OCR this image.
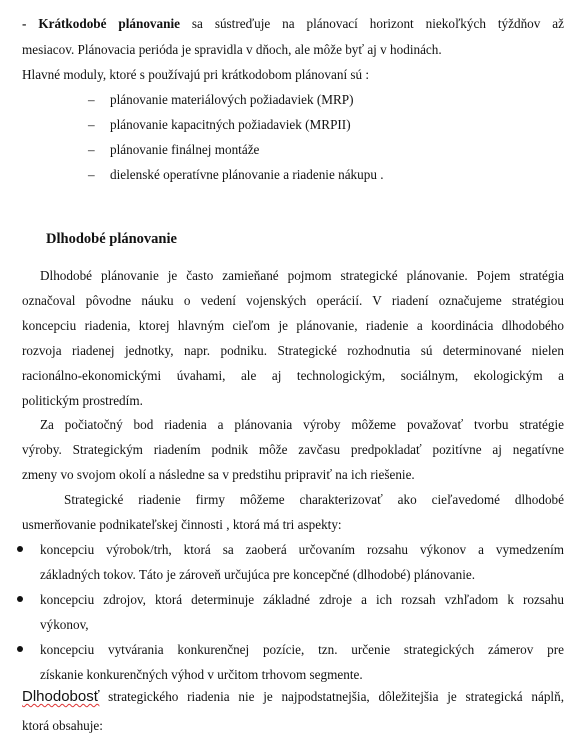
- Krátkodobé plánovanie sa sústreďuje na plánovací horizont niekoľkých týždňov až
mesiacov. Plánovacia perióda je spravidla v dňoch, ale môže byť aj v hodinách.
Hlavné moduly, ktoré s používajú pri krátkodobom plánovaní sú :
– plánovanie materiálových požiadaviek (MRP)
– plánovanie kapacitných požiadaviek (MRPII)
– plánovanie finálnej montáže
– dielenské operatívne plánovanie a riadenie nákupu .
Dlhodobé plánovanie
Dlhodobé plánovanie je často zamieňané pojmom strategické plánovanie. Pojem stratégia
označoval pôvodne náuku o vedení vojenských operácií. V riadení označujeme stratégiou
koncepciu riadenia, ktorej hlavným cieľom je plánovanie, riadenie a koordinácia dlhodobého
rozvoja riadenej jednotky, napr. podniku. Strategické rozhodnutia sú determinované nielen
racionálno-ekonomickými úvahami, ale aj technologickým, sociálnym, ekologickým a
politickým prostredím.
Za počiatočný bod riadenia a plánovania výroby môžeme považovať tvorbu stratégie
výroby. Strategickým riadením podnik môže zavčasu predpokladať pozitívne aj negatívne
zmeny vo svojom okolí a následne sa v predstihu pripraviť na ich riešenie.
Strategické riadenie firmy môžeme charakterizovať ako cieľavedomé dlhodobé
usmerňovanie podnikateľskej činnosti , ktorá má tri aspekty:
koncepciu výrobok/trh, ktorá sa zaoberá určovaním rozsahu výkonov a vymedzením
základných tokov. Táto je zároveň určujúca pre koncepčné (dlhodobé) plánovanie.
koncepciu zdrojov, ktorá determinuje základné zdroje a ich rozsah vzhľadom k rozsahu
výkonov,
koncepciu vytvárania konkurenčnej pozície, tzn. určenie strategických zámerov pre
získanie konkurenčných výhod v určitom trhovom segmente.
Dlhodobosť strategického riadenia nie je najpodstatnejšia, dôležitejšia je strategická náplň,
ktorá obsahuje:
